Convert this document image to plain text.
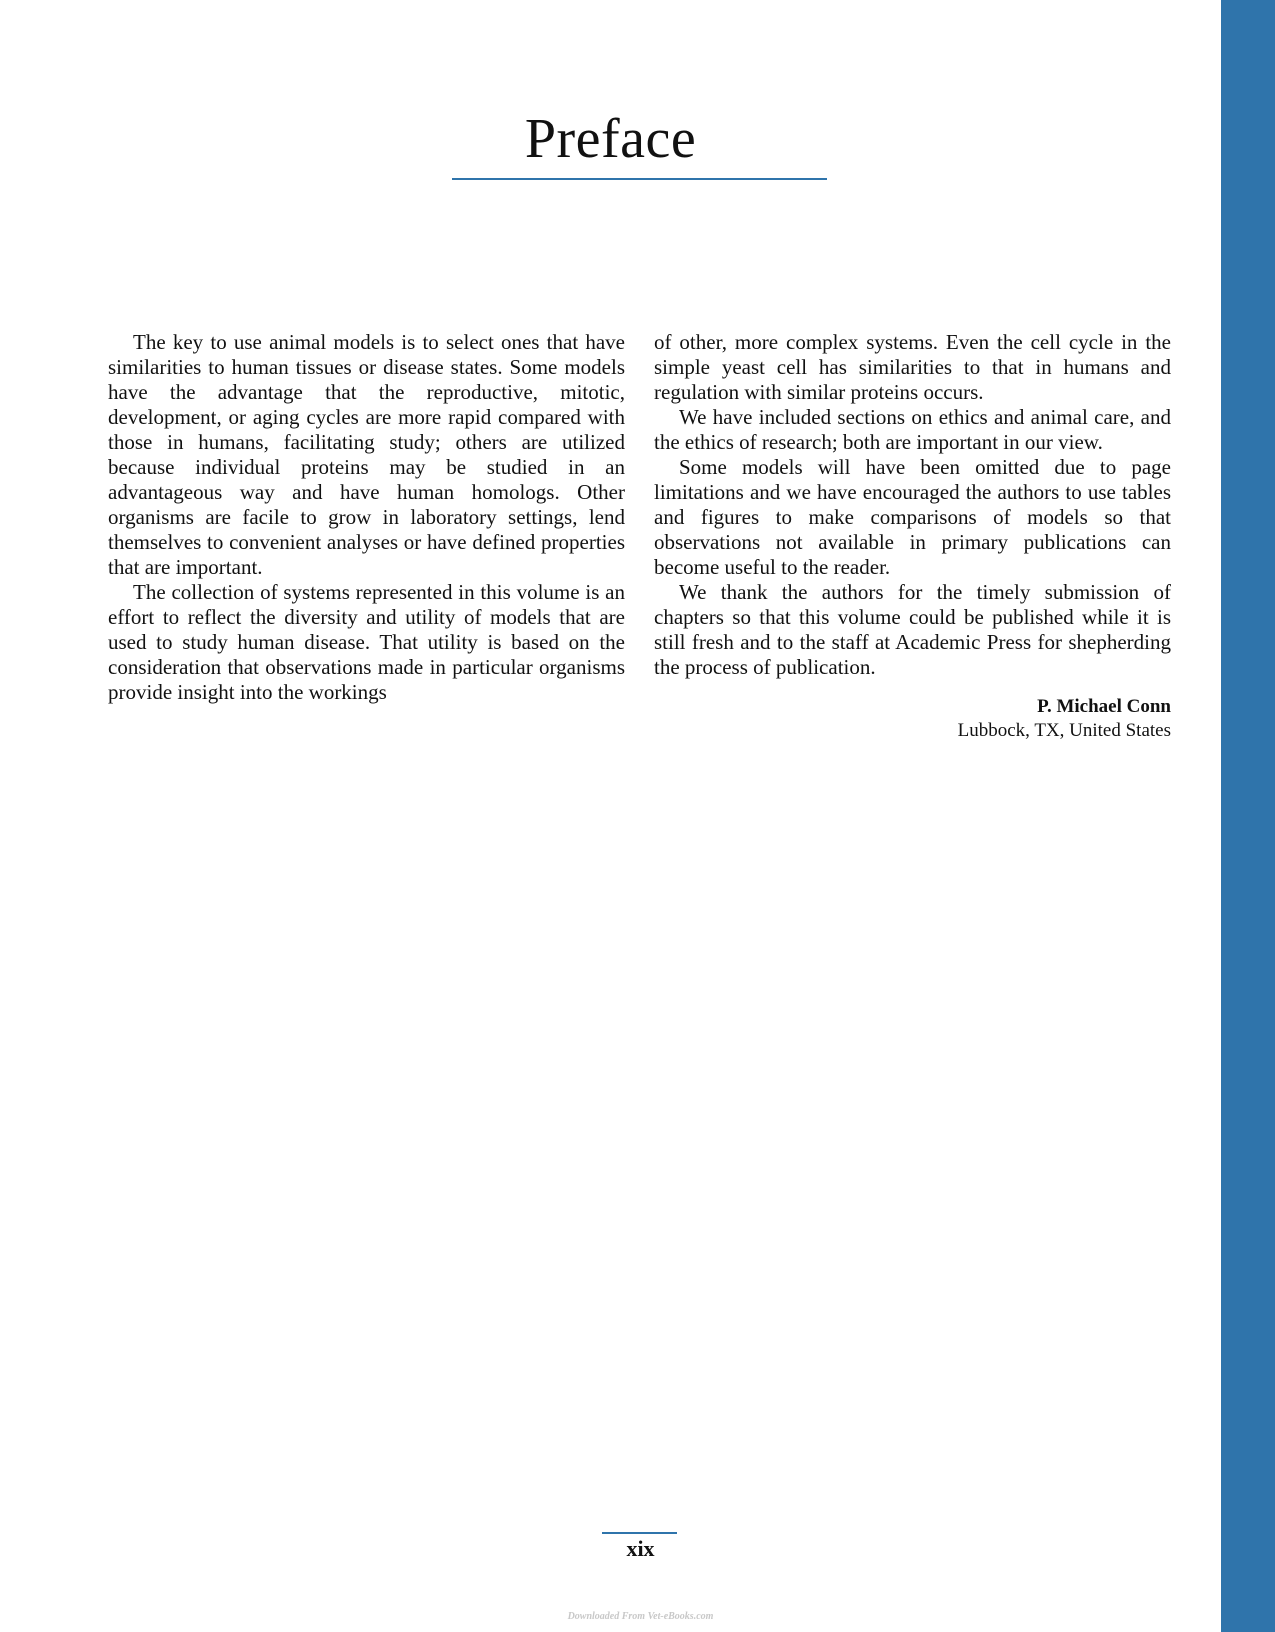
Preface

The key to use animal models is to select ones that have similarities to human tissues or disease states. Some models have the advantage that the reproductive, mitotic, development, or aging cycles are more rapid compared with those in humans, facilitating study; others are utilized because individual proteins may be studied in an advantageous way and have human homologs. Other organisms are facile to grow in laboratory settings, lend themselves to convenient analyses or have defined properties that are important.

The collection of systems represented in this volume is an effort to reflect the diversity and utility of models that are used to study human disease. That utility is based on the consideration that observations made in particular organisms provide insight into the workings

of other, more complex systems. Even the cell cycle in the simple yeast cell has similarities to that in humans and regulation with similar proteins occurs.

We have included sections on ethics and animal care, and the ethics of research; both are important in our view.

Some models will have been omitted due to page limitations and we have encouraged the authors to use tables and figures to make comparisons of models so that observations not available in primary publications can become useful to the reader.

We thank the authors for the timely submission of chapters so that this volume could be published while it is still fresh and to the staff at Academic Press for shepherding the process of publication.

P. Michael Conn
Lubbock, TX, United States
xix
Downloaded From Vet-eBooks.com
